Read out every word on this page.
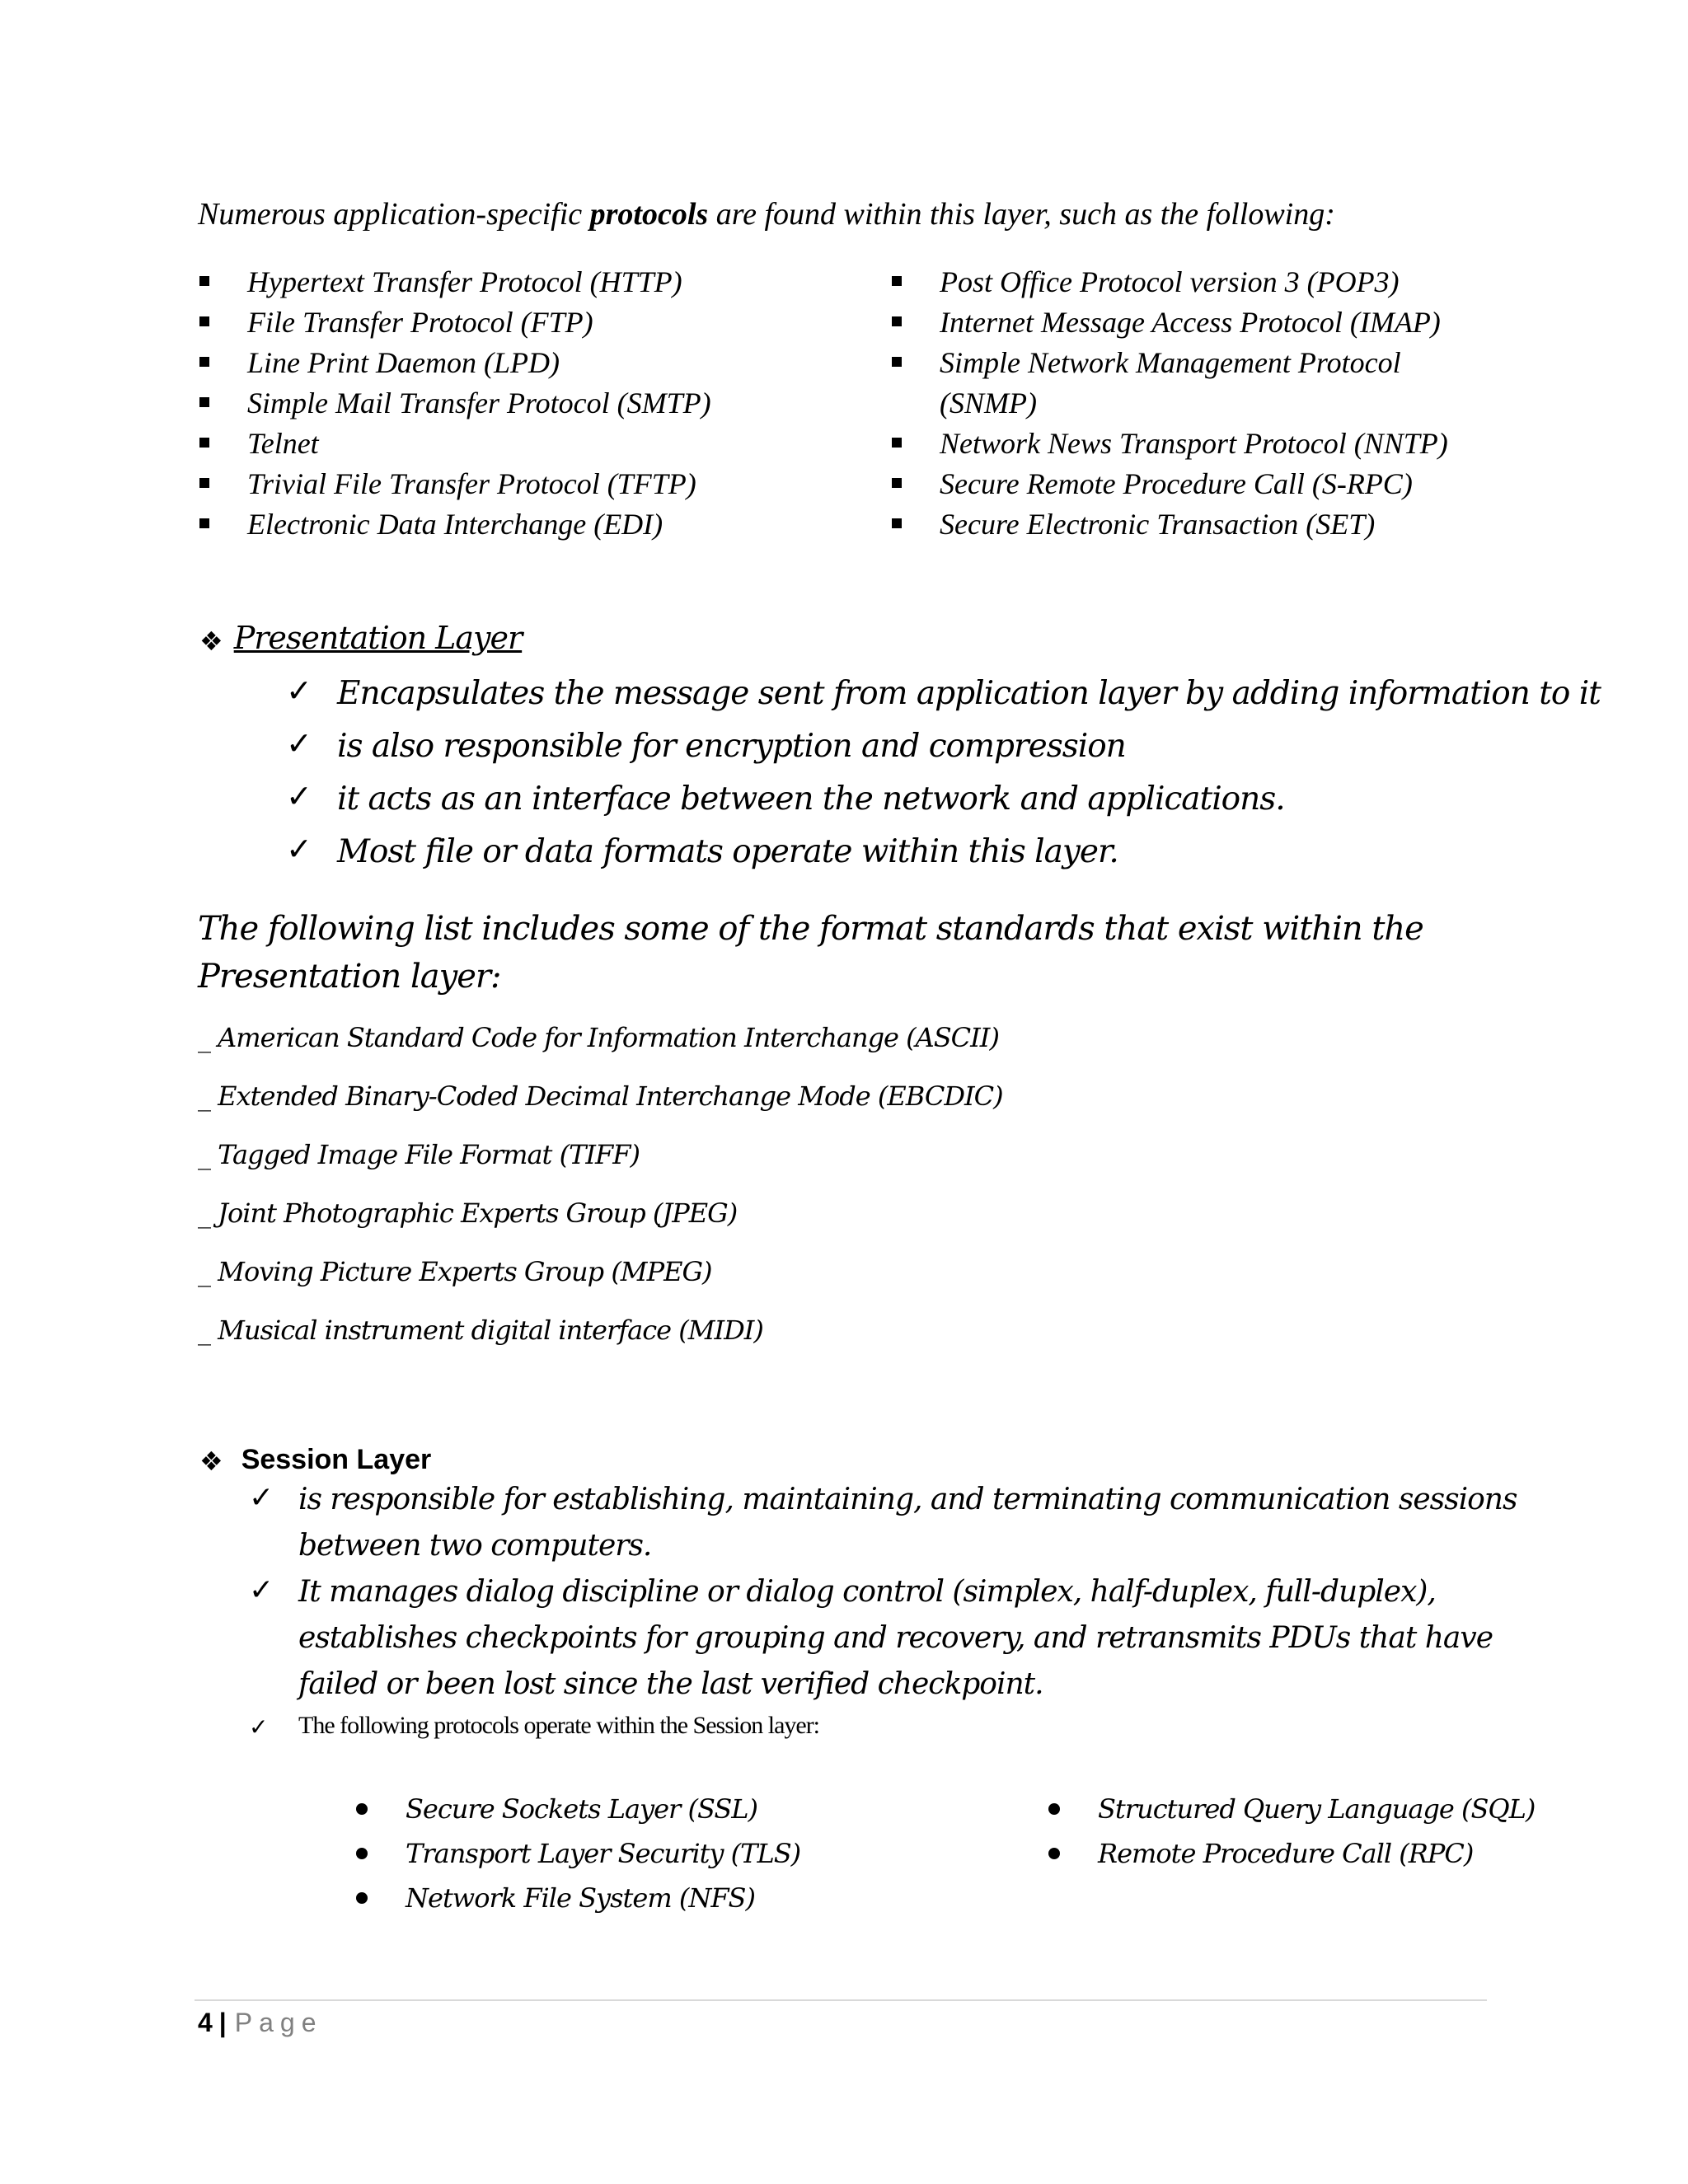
Numerous application-specific protocols are found within this layer, such as the following:
Hypertext Transfer Protocol (HTTP)
File Transfer Protocol (FTP)
Line Print Daemon (LPD)
Simple Mail Transfer Protocol (SMTP)
Telnet
Trivial File Transfer Protocol (TFTP)
Electronic Data Interchange (EDI)
Post Office Protocol version 3 (POP3)
Internet Message Access Protocol (IMAP)
Simple Network Management Protocol (SNMP)
Network News Transport Protocol (NNTP)
Secure Remote Procedure Call (S-RPC)
Secure Electronic Transaction (SET)
❖ Presentation Layer
✓ Encapsulates the message sent from application layer by adding information to it
✓ is also responsible for encryption and compression
✓ it acts as an interface between the network and applications.
✓ Most file or data formats operate within this layer.
The following list includes some of the format standards that exist within the Presentation layer:
_ American Standard Code for Information Interchange (ASCII)
_ Extended Binary-Coded Decimal Interchange Mode (EBCDIC)
_ Tagged Image File Format (TIFF)
_ Joint Photographic Experts Group (JPEG)
_ Moving Picture Experts Group (MPEG)
_ Musical instrument digital interface (MIDI)
❖ Session Layer
✓ is responsible for establishing, maintaining, and terminating communication sessions between two computers.
✓ It manages dialog discipline or dialog control (simplex, half-duplex, full-duplex), establishes checkpoints for grouping and recovery, and retransmits PDUs that have failed or been lost since the last verified checkpoint.
✓ The following protocols operate within the Session layer:
Secure Sockets Layer (SSL)
Transport Layer Security (TLS)
Network File System (NFS)
Structured Query Language (SQL)
Remote Procedure Call (RPC)
4 | Page
